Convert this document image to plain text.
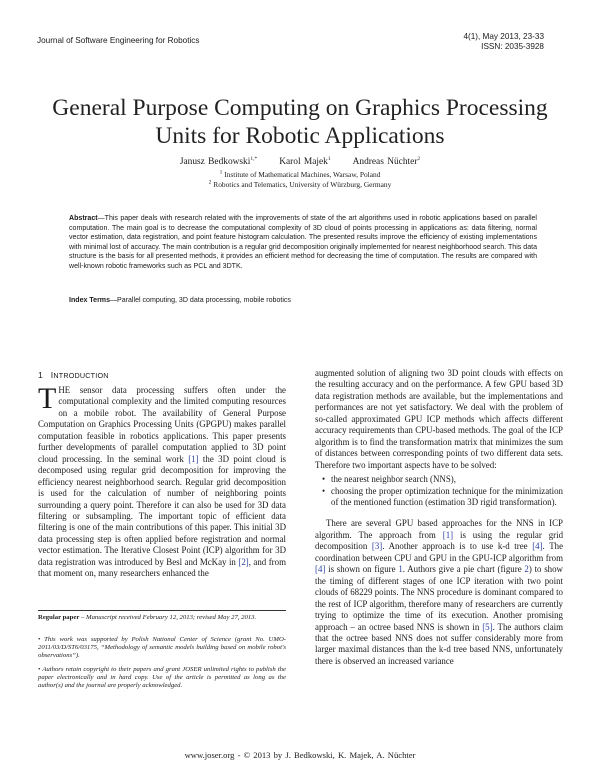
Journal of Software Engineering for Robotics	4(1), May 2013, 23-33
ISSN: 2035-3928
General Purpose Computing on Graphics Processing
Units for Robotic Applications
Janusz Bedkowski$^{1,*}$ Karol Majek$^1$ Andreas Nüchter$^2$
$^1$ Institute of Mathematical Machines, Warsaw, Poland
$^2$ Robotics and Telematics, University of Würzburg, Germany
Abstract—This paper deals with research related with the improvements of state of the art algorithms used in robotic applications based on parallel computation. The main goal is to decrease the computational complexity of 3D cloud of points processing in applications as: data filtering, normal vector estimation, data registration, and point feature histogram calculation. The presented results improve the efficiency of existing implementations with minimal lost of accuracy. The main contribution is a regular grid decomposition originally implemented for nearest neighborhood search. This data structure is the basis for all presented methods, it provides an efficient method for decreasing the time of computation. The results are compared with well-known robotic frameworks such as PCL and 3DTK.
Index Terms—Parallel computing, 3D data processing, mobile robotics
1 INTRODUCTION
THE sensor data processing suffers often under the computational complexity and the limited computing resources on a mobile robot. The availability of General Purpose Computation on Graphics Processing Units (GPGPU) makes parallel computation feasible in robotics applications. This paper presents further developments of parallel computation applied to 3D point cloud processing. In the seminal work [1] the 3D point cloud is decomposed using regular grid decomposition for improving the efficiency nearest neighborhood search. Regular grid decomposition is used for the calculation of number of neighboring points surrounding a query point. Therefore it can also be used for 3D data filtering or subsampling. The important topic of efficient data filtering is one of the main contributions of this paper. This initial 3D data processing step is often applied before registration and normal vector estimation. The Iterative Closest Point (ICP) algorithm for 3D data registration was introduced by Besl and McKay in [2], and from that moment on, many researchers enhanced the
Regular paper – Manuscript received February 12, 2013; revised May 27, 2013.
• This work was supported by Polish National Center of Science (grant No. UMO-2011/03/D/ST6/03175, “Methodology of semantic models building based on mobile robot's observations”).
• Authors retain copyright to their papers and grant JOSER unlimited rights to publish the paper electronically and in hard copy. Use of the article is permitted as long as the author(s) and the journal are properly acknowledged.

augmented solution of aligning two 3D point clouds with effects on the resulting accuracy and on the performance. A few GPU based 3D data registration methods are available, but the implementations and performances are not yet satisfactory. We deal with the problem of so-called approximated GPU ICP methods which affects different accuracy requirements than CPU-based methods. The goal of the ICP algorithm is to find the transformation matrix that minimizes the sum of distances between corresponding points of two different data sets. Therefore two important aspects have to be solved:

• the nearest neighbor search (NNS),
• choosing the proper optimization technique for the minimization of the mentioned function (estimation 3D rigid transformation).

There are several GPU based approaches for the NNS in ICP algorithm. The approach from [1] is using the regular grid decomposition [3]. Another approach is to use k-d tree [4]. The coordination between CPU and GPU in the GPU-ICP algorithm from [4] is shown on figure 1. Authors give a pie chart (figure 2) to show the timing of different stages of one ICP iteration with two point clouds of 68229 points. The NNS procedure is dominant compared to the rest of ICP algorithm, therefore many of researchers are currently trying to optimize the time of its execution. Another promising approach – an octree based NNS is shown in [5]. The authors claim that the octree based NNS does not suffer considerably more from larger maximal distances than the k-d tree based NNS, unfortunately there is observed an increased variance

www.joser.org - © 2013 by J. Bedkowski, K. Majek, A. Nüchter
